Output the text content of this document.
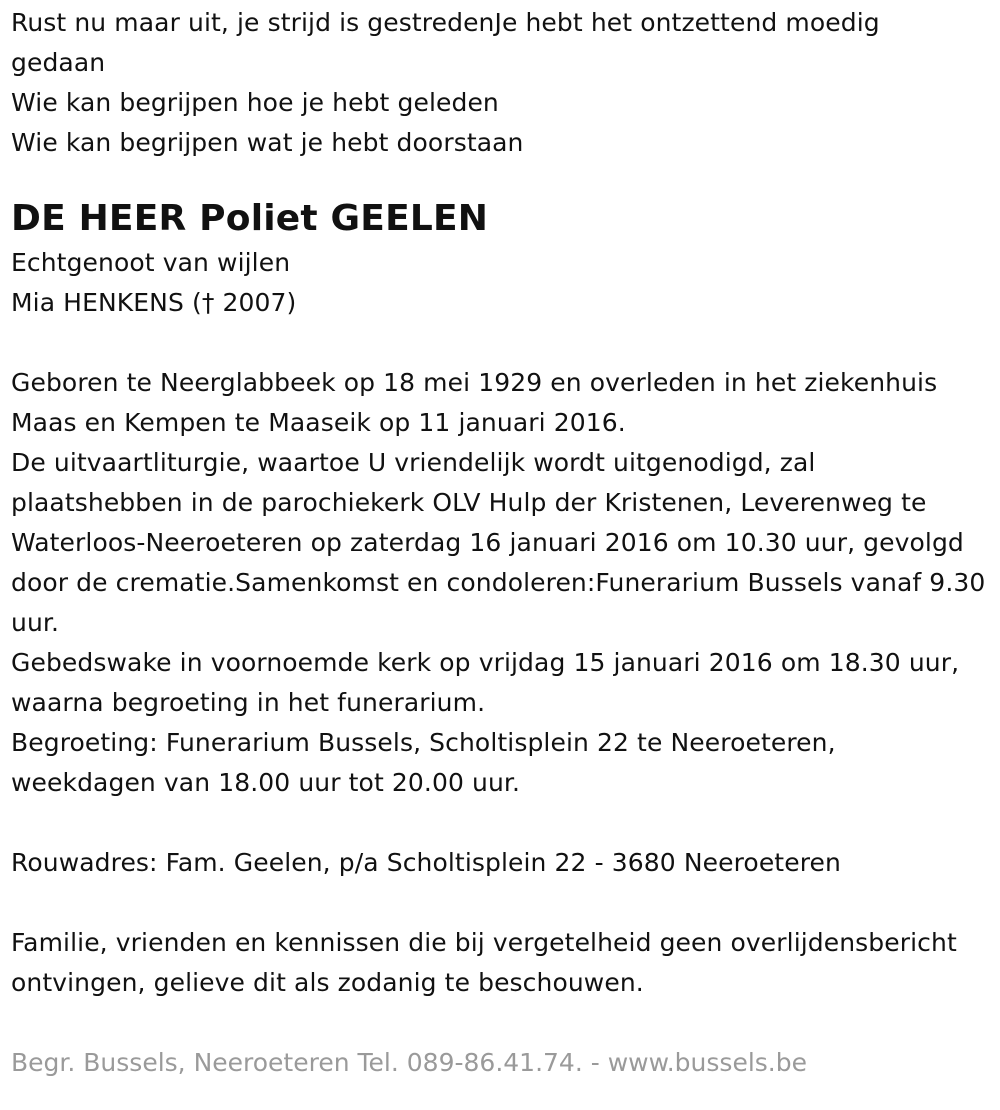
Rust nu maar uit, je strijd is gestredenJe hebt het ontzettend moedig gedaan
Wie kan begrijpen hoe je hebt geleden
Wie kan begrijpen wat je hebt doorstaan
DE HEER Poliet GEELEN
Echtgenoot van wijlen
Mia HENKENS († 2007)
Geboren te Neerglabbeek op 18 mei 1929 en overleden in het ziekenhuis Maas en Kempen te Maaseik op 11 januari 2016.
De uitvaartliturgie, waartoe U vriendelijk wordt uitgenodigd, zal plaatshebben in de parochiekerk OLV Hulp der Kristenen, Leverenweg te Waterloos-Neeroeteren op zaterdag 16 januari 2016 om 10.30 uur, gevolgd door de crematie.Samenkomst en condoleren:Funerarium Bussels vanaf 9.30 uur.
Gebedswake in voornoemde kerk op vrijdag 15 januari 2016 om 18.30 uur, waarna begroeting in het funerarium.
Begroeting: Funerarium Bussels, Scholtisplein 22 te Neeroeteren, weekdagen van 18.00 uur tot 20.00 uur.
Rouwadres: Fam. Geelen, p/a Scholtisplein 22 - 3680 Neeroeteren
Familie, vrienden en kennissen die bij vergetelheid geen overlijdensbericht ontvingen, gelieve dit als zodanig te beschouwen.
Begr. Bussels, Neeroeteren Tel. 089-86.41.74. - www.bussels.be
